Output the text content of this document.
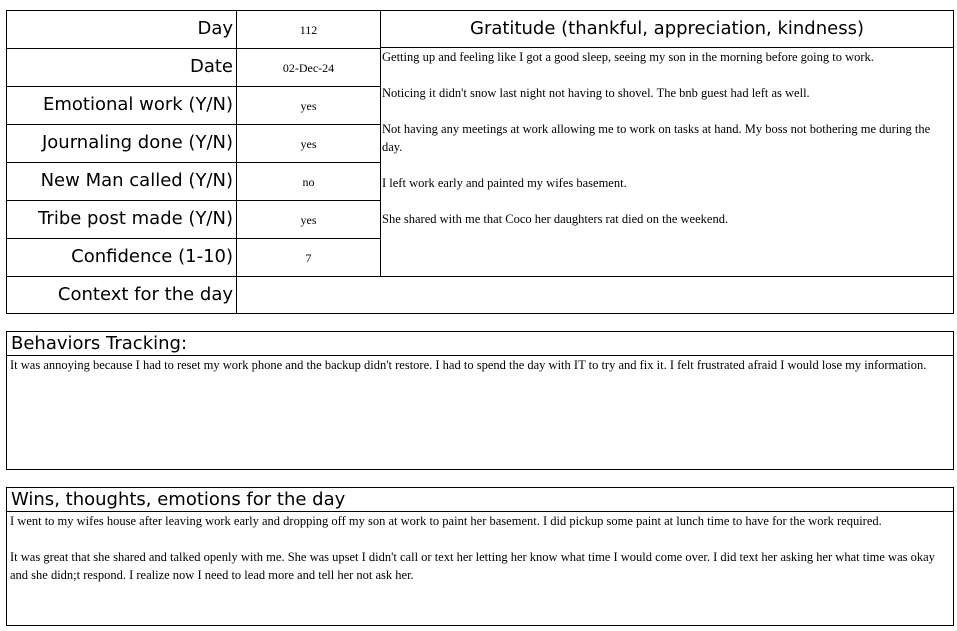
Day	112
Date	02-Dec-24
Emotional work (Y/N)	yes
Journaling done (Y/N)	yes
New Man called (Y/N)	no
Tribe post made (Y/N)	yes
Confidence (1-10)	7
Context for the day
Gratitude (thankful, appreciation, kindness)
Getting up and feeling like I got a good sleep, seeing my son in the morning before going to work.
Noticing it didn't snow last night not having to shovel. The bnb guest had left as well.
Not having any meetings at work allowing me to work on tasks at hand. My boss not bothering me during the day.
I left work early and painted my wifes basement.
She shared with me that Coco her daughters rat died on the weekend.
Behaviors Tracking:
It was annoying because I had to reset my work phone and the backup didn't restore. I had to spend the day with IT to try and fix it. I felt frustrated afraid I would lose my information.
Wins, thoughts, emotions for the day

I went to my wifes house after leaving work early and dropping off my son at work to paint her basement. I did pickup some paint at lunch time to have for the work required.

It was great that she shared and talked openly with me. She was upset I didn't call or text her letting her know what time I would come over. I did text her asking her what time was okay and she didn;t respond. I realize now I need to lead more and tell her not ask her.
